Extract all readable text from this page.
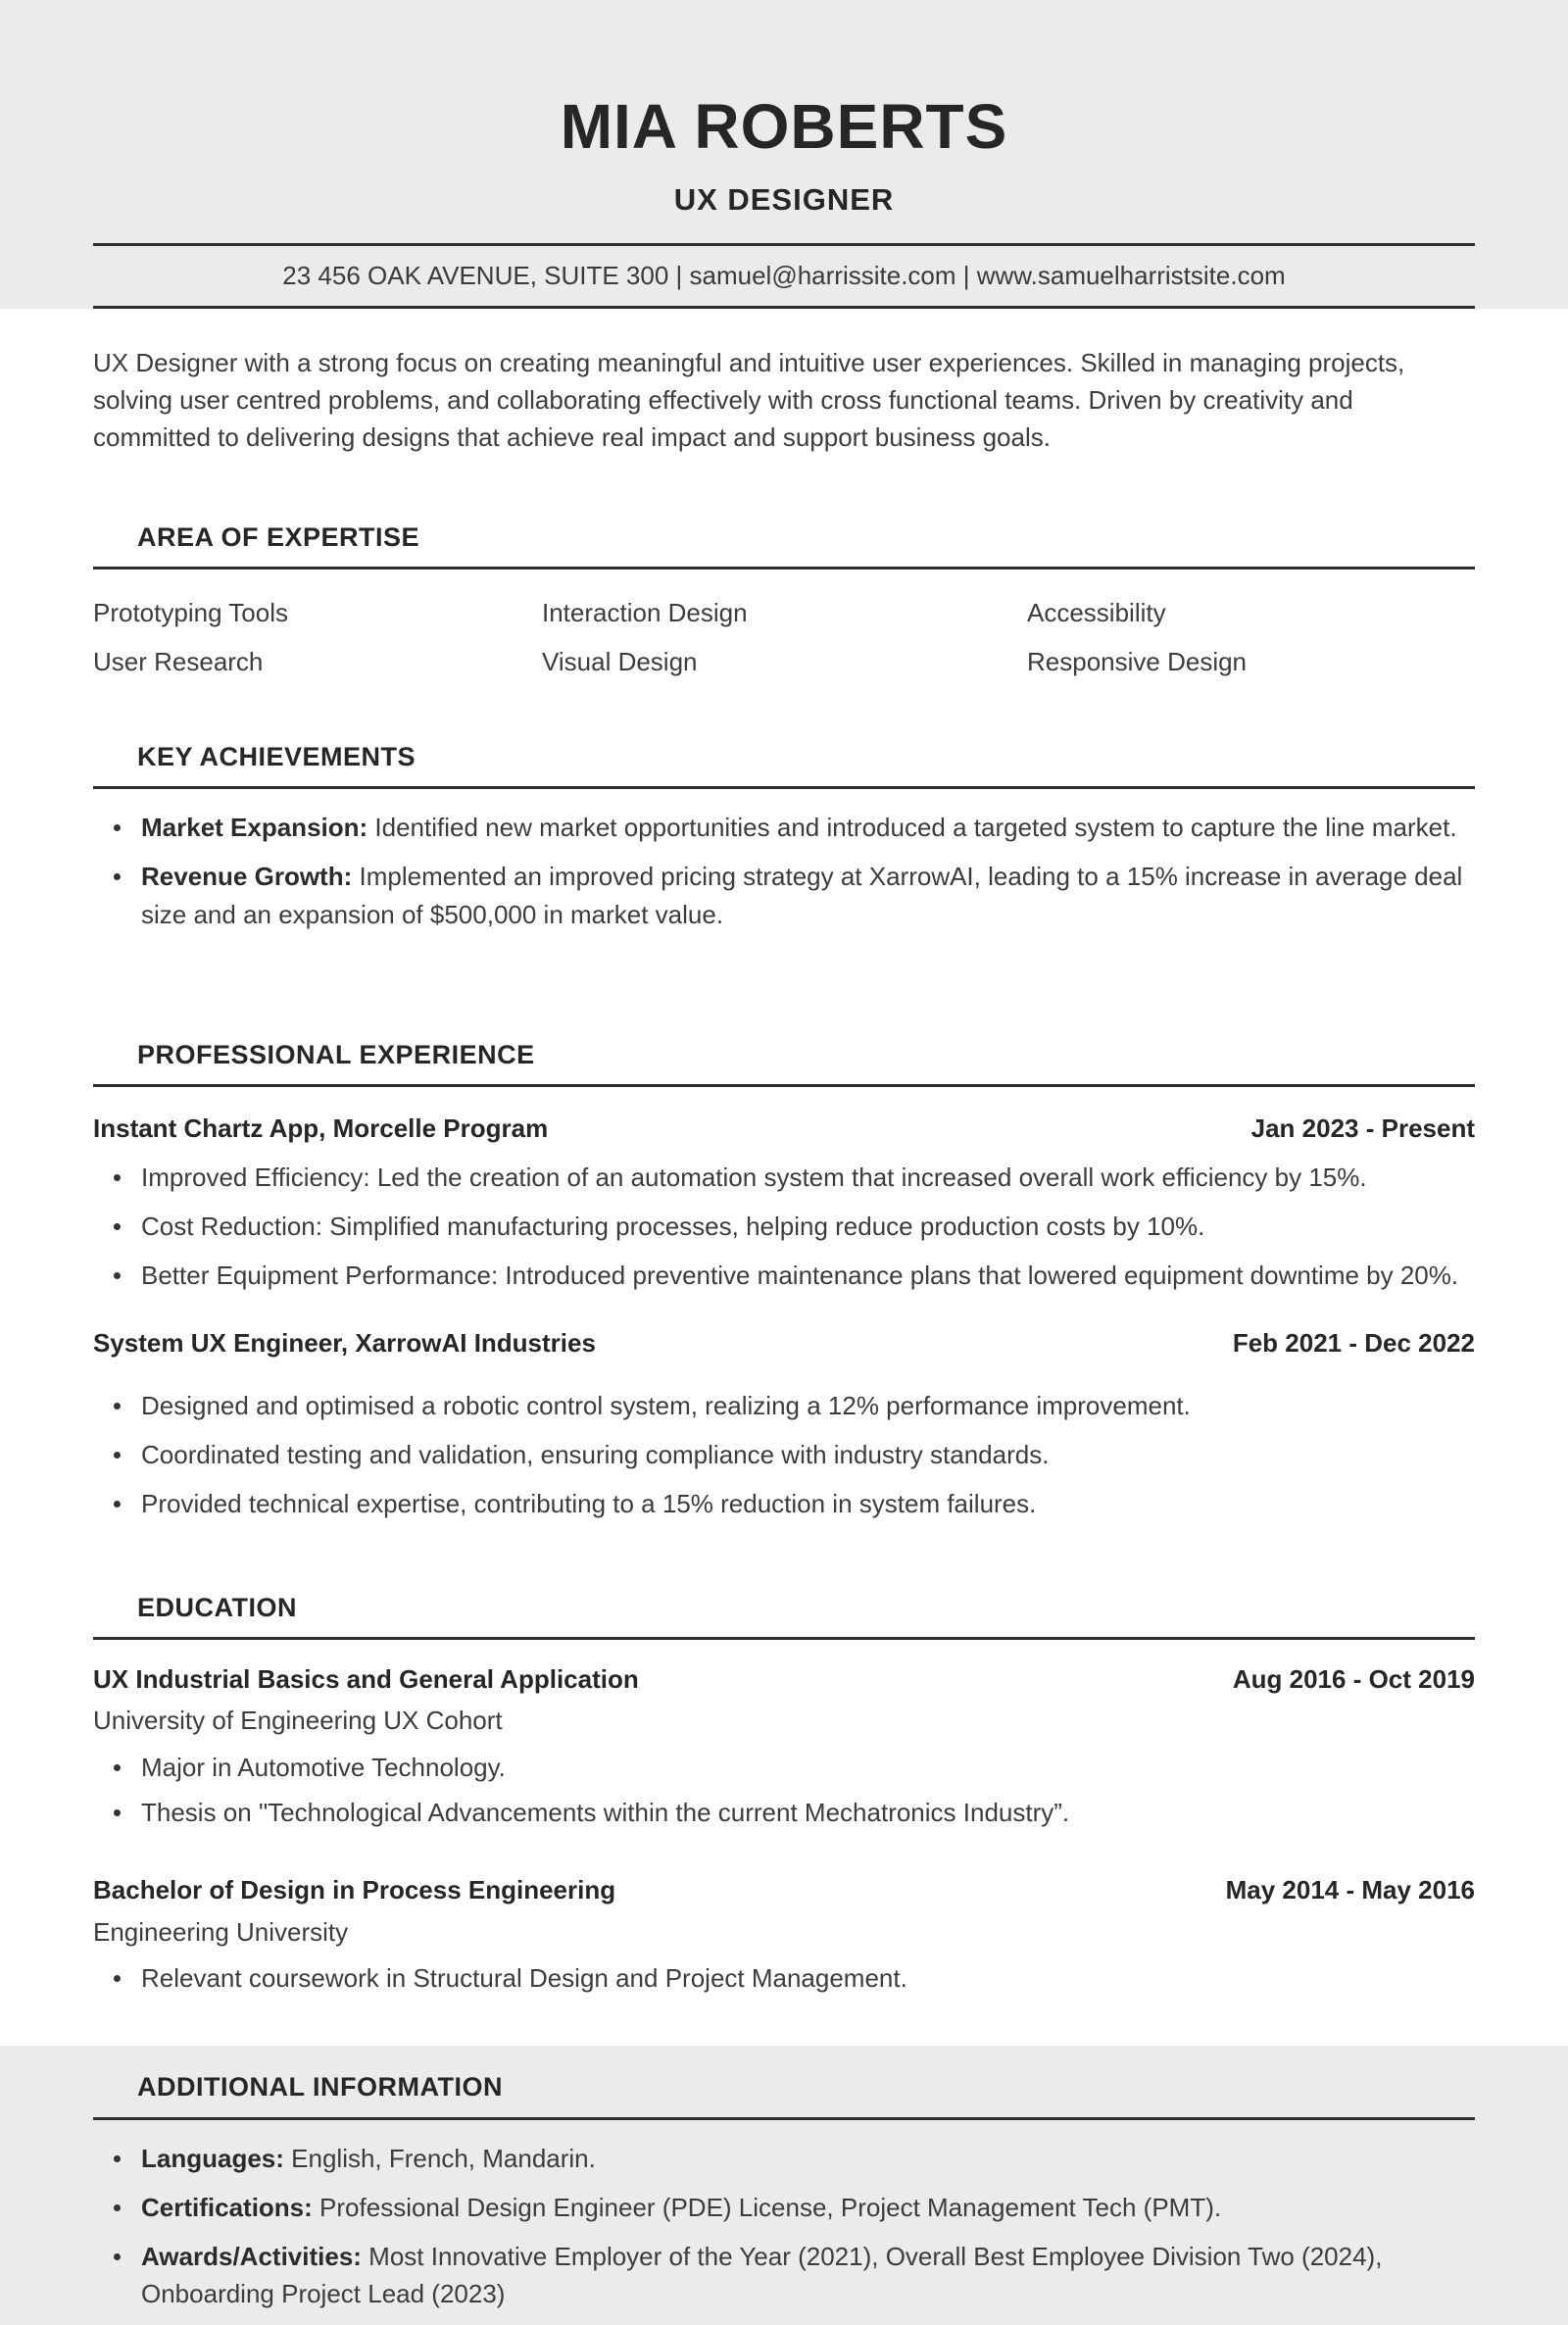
MIA ROBERTS
UX DESIGNER
23 456 OAK AVENUE, SUITE 300 | samuel@harrissite.com | www.samuelharristsite.com

UX Designer with a strong focus on creating meaningful and intuitive user experiences. Skilled in managing projects, solving user centred problems, and collaborating effectively with cross functional teams. Driven by creativity and committed to delivering designs that achieve real impact and support business goals.

AREA OF EXPERTISE
Prototyping Tools	Interaction Design	Accessibility
User Research	Visual Design	Responsive Design
KEY ACHIEVEMENTS
Market Expansion: Identified new market opportunities and introduced a targeted system to capture the line market.
Revenue Growth: Implemented an improved pricing strategy at XarrowAI, leading to a 15% increase in average deal size and an expansion of $500,000 in market value.
PROFESSIONAL EXPERIENCE
Instant Chartz App, Morcelle Program	Jan 2023 - Present
Improved Efficiency: Led the creation of an automation system that increased overall work efficiency by 15%.
Cost Reduction: Simplified manufacturing processes, helping reduce production costs by 10%.
Better Equipment Performance: Introduced preventive maintenance plans that lowered equipment downtime by 20%.
System UX Engineer, XarrowAI Industries	Feb 2021 - Dec 2022
Designed and optimised a robotic control system, realizing a 12% performance improvement.
Coordinated testing and validation, ensuring compliance with industry standards.
Provided technical expertise, contributing to a 15% reduction in system failures.
EDUCATION
UX Industrial Basics and General Application	Aug 2016 - Oct 2019
University of Engineering UX Cohort
Major in Automotive Technology.
Thesis on "Technological Advancements within the current Mechatronics Industry”.
Bachelor of Design in Process Engineering	May 2014 - May 2016
Engineering University
Relevant coursework in Structural Design and Project Management.
ADDITIONAL INFORMATION
Languages: English, French, Mandarin.
Certifications: Professional Design Engineer (PDE) License, Project Management Tech (PMT).
Awards/Activities: Most Innovative Employer of the Year (2021), Overall Best Employee Division Two (2024), Onboarding Project Lead (2023)
